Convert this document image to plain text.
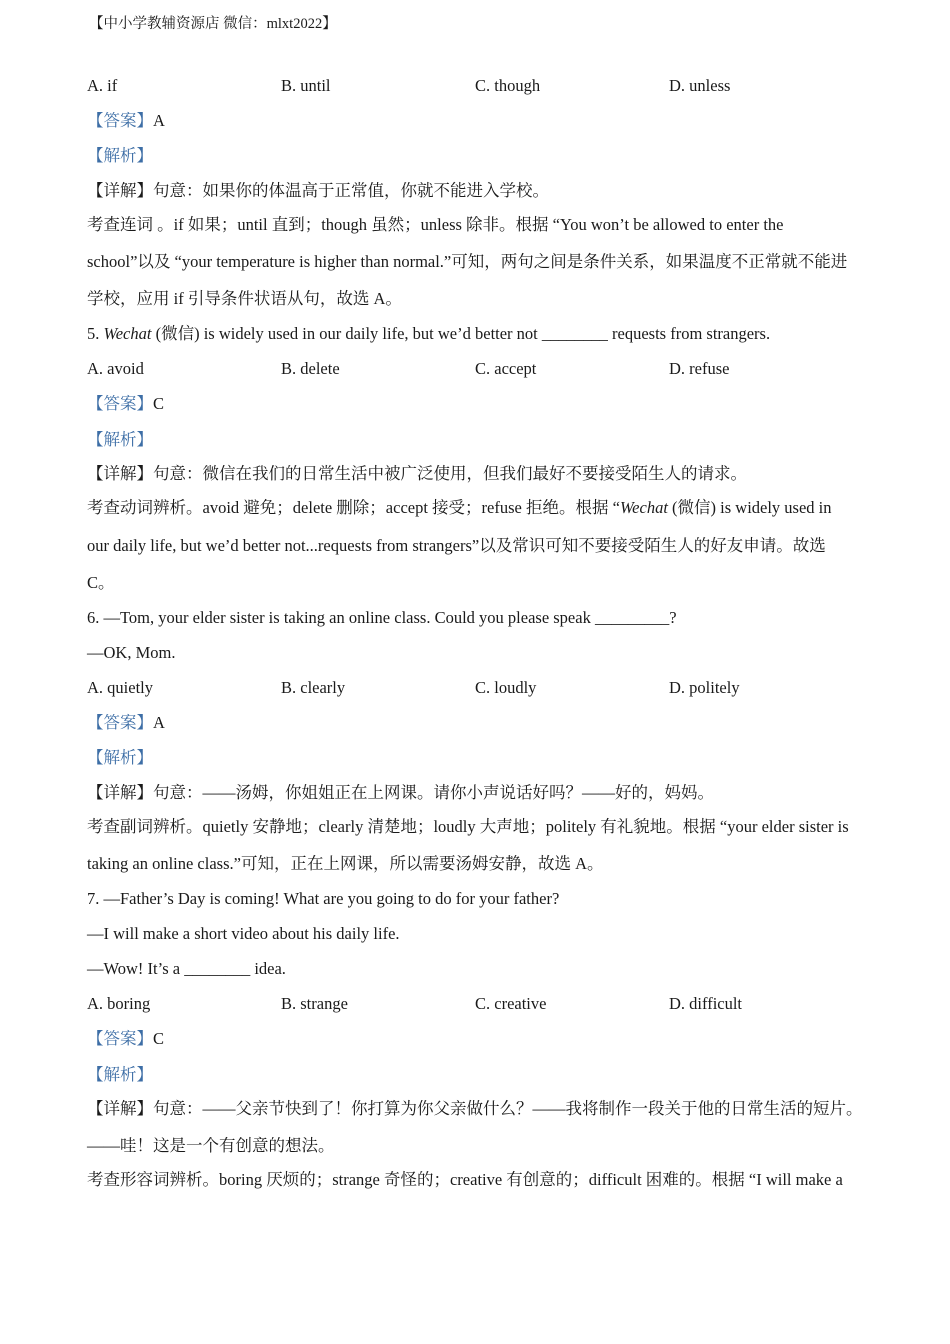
【中小学教辅资源店 微信：mlxt2022】
A. if	B. until	C. though	D. unless
【答案】A
【解析】
【详解】句意：如果你的体温高于正常值，你就不能进入学校。
考查连词 。if 如果；until 直到；though 虽然；unless 除非。根据 “You won’t be allowed to enter the
school”以及 “your temperature is higher than normal.”可知，两句之间是条件关系，如果温度不正常就不能进
学校，应用 if 引导条件状语从句，故选 A。
5. Wechat (微信) is widely used in our daily life, but we’d better not ________ requests from strangers.
A. avoid	B. delete	C. accept	D. refuse
【答案】C
【解析】
【详解】句意：微信在我们的日常生活中被广泛使用，但我们最好不要接受陌生人的请求。
考查动词辨析。avoid 避免；delete 删除；accept 接受；refuse 拒绝。根据 “Wechat (微信) is widely used in
our daily life, but we’d better not...requests from strangers”以及常识可知不要接受陌生人的好友申请。故选
C。
6. —Tom, your elder sister is taking an online class. Could you please speak _________?
—OK, Mom.
A. quietly	B. clearly	C. loudly	D. politely
【答案】A
【解析】
【详解】句意：——汤姆，你姐姐正在上网课。请你小声说话好吗？——好的，妈妈。
考查副词辨析。quietly 安静地；clearly 清楚地；loudly 大声地；politely 有礼貌地。根据 “your elder sister is
taking an online class.”可知，正在上网课，所以需要汤姆安静，故选 A。
7. —Father’s Day is coming! What are you going to do for your father?
—I will make a short video about his daily life.
—Wow! It’s a ________ idea.
A. boring	B. strange	C. creative	D. difficult
【答案】C
【解析】
【详解】句意：——父亲节快到了！你打算为你父亲做什么？——我将制作一段关于他的日常生活的短片。
——哇！这是一个有创意的想法。
考查形容词辨析。boring 厌烦的；strange 奇怪的；creative 有创意的；difficult 困难的。根据 “I will make a
